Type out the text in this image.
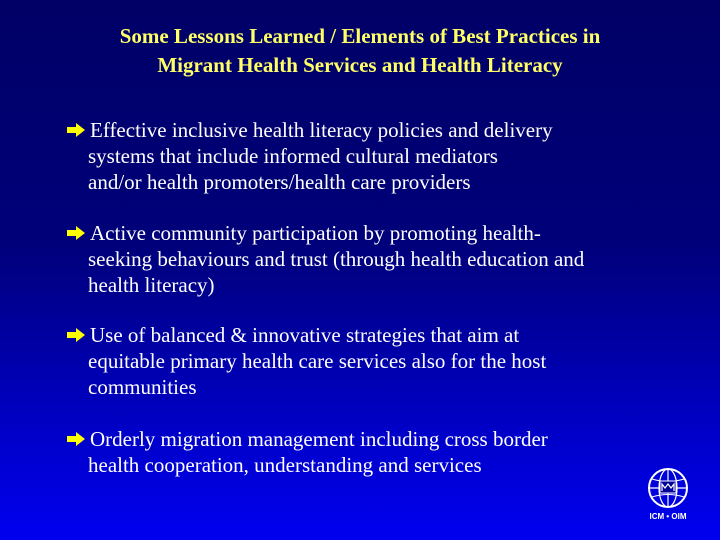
Some Lessons Learned / Elements of Best Practices in
Migrant Health Services and Health Literacy
Effective inclusive health literacy policies and delivery
systems that include informed cultural mediators
and/or health promoters/health care providers
Active community participation by promoting health-
seeking behaviours and trust (through health education and
health literacy)
Use of balanced & innovative strategies that aim at
equitable primary health care services also for the host
communities
Orderly migration management including cross border
health cooperation, understanding and services
ICM • OIM
